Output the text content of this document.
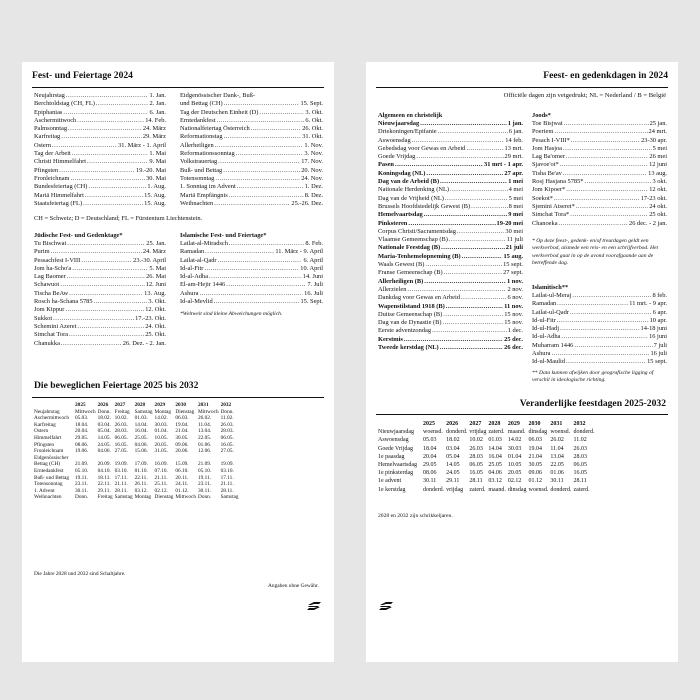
Fest- und Feiertage 2024
Neujahrstag .....	1. Jan.
Berchtoldstag (CH, FL) .....	2. Jan.
Epiphanias .....	6. Jan.
Aschermittwoch .....	14. Feb.
Palmsonntag .....	24. März
Karfreitag .....	29. März
Ostern .....	31. März - 1. April
Tag der Arbeit .....	1. Mai
Christi Himmelfahrt .....	9. Mai
Pfingsten .....	19.-20. Mai
Fronleichnam .....	30. Mai
Bundesfeiertag (CH) .....	1. Aug.
Mariä Himmelfahrt .....	15. Aug.
Staatsfeiertag (FL) .....	15. Aug.
Eidgenössischer Dank-, Buß-
und Bettag (CH) .....	15. Sept.
Tag der Deutschen Einheit (D) .....	3. Okt.
Erntedankfest .....	6. Okt.
Nationalfeiertag Österreich .....	26. Okt.
Reformationstag .....	31. Okt.
Allerheiligen .....	1. Nov.
Reformationssonntag .....	3. Nov.
Volkstrauertag .....	17. Nov.
Buß- und Bettag .....	20. Nov.
Totensonntag .....	24. Nov.
1. Sonntag im Advent .....	1. Dez.
Mariä Empfängnis .....	8. Dez.
Weihnachten .....	25.-26. Dez.
CH = Schweiz; D = Deutschland; FL = Fürstentum Liechtenstein.
Jüdische Fest- und Gedenktage*
Tu Bischwat .....	25. Jan.
Purim .....	24. März
Pessachfest I-VIII .....	23.-30. April
Jom ha-Scho'a .....	5. Mai
Lag Baomer .....	26. Mai
Schawuot .....	12. Juni
Tischa BeAw .....	13. Aug.
Rosch ha-Schana 5785 .....	3. Okt.
Jom Kippur .....	12. Okt.
Sukkot .....	17.-23. Okt.
Schemini Azeret .....	24. Okt.
Simchat Tora .....	25. Okt.
Chanukka .....	26. Dez. - 2. Jan.
Islamische Fest- und Feiertage*
Lailat-al-Miradsch .....	8. Feb.
Ramadan .....	11. März - 9. April
Lailat-al-Qadr .....	6. April
Id-al-Fitr .....	10. April
Id-al-Adha .....	14. Juni
El-am-Hejir 1446 .....	7. Juli
Ashura .....	16. Juli
Id-al-Mevlid .....	15. Sept.
*Weltweit sind kleine Abweichungen möglich.
Die beweglichen Feiertage 2025 bis 2032
	2025	2026	2027	2028	2029	2030	2031	2032
Neujahrstag	Mittwoch	Donn.	Freitag	Samstag	Montag	Dienstag	Mittwoch	Donn.
Aschermittwoch	05.03.	18.02.	10.02.	01.03.	14.02.	06.03.	26.02.	11.02.
Karfreitag	18.04.	03.04.	26.03.	14.04.	30.03.	19.04.	11.04.	26.03.
Ostern	20.04.	05.04.	28.03.	16.04.	01.04.	21.04.	13.04.	28.03.
Himmelfahrt	29.05.	14.05.	06.05.	25.05.	10.05.	30.05.	22.05.	06.05.
Pfingsten	08.06.	24.05.	16.05.	04.06.	20.05.	09.06.	01.06.	16.05.
Fronleichnam	19.06.	04.06.	27.05.	15.06.	31.05.	20.06.	12.06.	27.05.
Eidgenössischer								
Bettag (CH)	21.09.	20.09.	19.09.	17.09.	16.09.	15.09.	21.09.	19.09.
Erntedankfest	05.10.	04.10.	03.10.	01.10.	07.10.	06.10.	05.10.	03.10.
Buß- und Bettag	19.11.	18.11.	17.11.	22.11.	21.11.	20.11.	19.11.	17.11.
Totensonntag	23.11.	22.11.	21.11.	26.11.	25.11.	24.11.	23.11.	21.11.
1. Advent	30.11.	29.11.	28.11.	03.12.	02.12.	01.12.	30.11.	28.11.
Weihnachten	Donn.	Freitag	Samstag	Montag	Dienstag	Mittwoch	Donn.	Samstag
Die Jahre 2028 und 2032 sind Schaltjahre.
Angaben ohne Gewähr.
Feest- en gedenkdagen in 2024
Officiële dagen zijn vetgedrukt; NL = Nederland / B = België
Algemeen en christelijk
Nieuwjaarsdag .....	1 jan.
Driekoningen/Epifanie .....	6 jan.
Aswoensdag .....	14 feb.
Gebedsdag voor Gewas en Arbeid .....	13 mrt.
Goede Vrijdag .....	29 mrt.
Pasen .....	31 mrt - 1 apr.
Koningsdag (NL) .....	27 apr.
Dag van de Arbeid (B) .....	1 mei
Nationale Herdenking (NL) .....	4 mei
Dag van de Vrijheid (NL) .....	5 mei
Brussels Hoofdstedelijk Gewest (B) .....	8 mei
Hemelvaartsdag .....	9 mei
Pinksteren .....	19-20 mei
Corpus Christi/Sacramentsdag .....	30 mei
Vlaamse Gemeenschap (B) .....	11 juli
Nationale Feestdag (B) .....	21 juli
Maria-Tenhemelopneming (B) .....	15 aug.
Waals Gewest (B) .....	15 sept.
Franse Gemeenschap (B) .....	27 sept.
Allerheiligen (B) .....	1 nov.
Allerzielen .....	2 nov.
Dankdag voor Gewas en Arbeid .....	6 nov.
Wapenstilstand 1918 (B) .....	11 nov.
Duitse Gemeenschap (B) .....	15 nov.
Dag van de Dynastie (B) .....	15 nov.
Eerste adventzondag .....	1 dec.
Kerstmis .....	25 dec.
Tweede kerstdag (NL) .....	26 dec.
Joods*
Toe Bisjwat .....	25 jan.
Poeriem .....	24 mrt.
Pesach I-VIII* .....	23-30 apr.
Jom Hasjoa .....	5 mei
Lag Ba'omer .....	26 mei
Sjavoe'ot* .....	12 juni
Tisha Be'av .....	13 aug.
Rosj Hasjana 5785* .....	3 okt.
Jom Kipoer* .....	12 okt.
Soekot* .....	17-23 okt.
Sjemini Atseret* .....	24 okt.
Simchat Tora* .....	25 okt.
Chanoeka .....	26 dec. - 2 jan.
* Op deze feest-, gedenk- en/of treurdagen geldt een werkverbod, alsmede een reis- en een schrijfverbod. Het werkverbod gaat in op de avond voorafgaande aan de betreffende dag.
Islamitisch**
Lailat-ul-Meraj .....	8 feb.
Ramadan .....	11 mrt. - 9 apr.
Lailat-ul-Qadr .....	6 apr.
Id-ul-Fitr .....	10 apr.
Id-ul-Hadj .....	14-18 juni
Id-ul-Adha .....	16 juni
Muharram 1446 .....	7 juli
Ashura .....	16 juli
Id-ul-Maulid .....	15 sept.
** Data kunnen afwijken door geografische ligging of verschil in ideologische richting.
Veranderlijke feestdagen 2025-2032
	2025	2026	2027	2028	2029	2030	2031	2032
Nieuwjaarsdag	woensd.	donderd.	vrijdag	zaterd.	maand.	dinsdag	woensd.	donderd.
Aswoensdag	05.03	18.02	10.02	01.03	14.02	06.03	26.02	11.02
Goede Vrijdag	18.04	03.04	26.03	14.04	30.03	19.04	11.04	26.03
1e paasdag	20.04	05.04	28.03	16.04	01.04	21.04	13.04	28.03
Hemelvaartsdag	29.05	14.05	06.05	25.05	10.05	30.05	22.05	06.05
1e pinksterdag	08.06	24.05	16.05	04.06	20.05	09.06	01.06	16.05
1e advent	30.11	29.11	28.11	03.12	02.12	01.12	30.11	28.11
1e kerstdag	donderd.	vrijdag	zaterd.	maand.	dinsdag	woensd.	donderd.	zaterd.
2028 en 2032 zijn schrikkeljaren.
